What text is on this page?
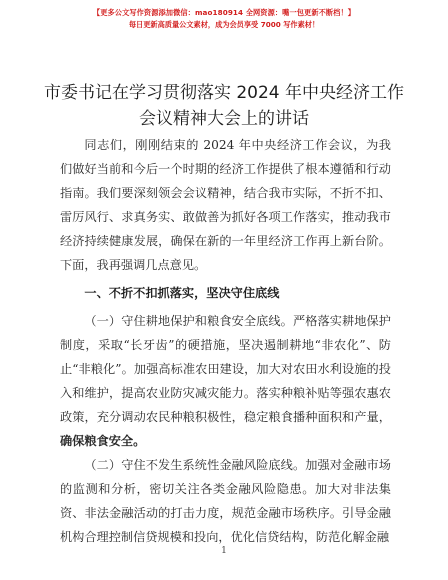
【更多公文写作资源添加微信：mao180914 全网资源：嘴一包更新不断档！】
每日更新高质量公文素材，成为会员享受 7000 写作素材！
市委书记在学习贯彻落实 2024 年中央经济工作
会议精神大会上的讲话

同志们，刚刚结束的 2024 年中央经济工作会议，为我们做好当前和今后一个时期的经济工作提供了根本遵循和行动指南。我们要深刻领会会议精神，结合我市实际，不折不扣、雷厉风行、求真务实、敢做善为抓好各项工作落实，推动我市经济持续健康发展，确保在新的一年里经济工作再上新台阶。下面，我再强调几点意见。

一、不折不扣抓落实，坚决守住底线

（一）守住耕地保护和粮食安全底线。严格落实耕地保护制度，采取“长牙齿”的硬措施，坚决遏制耕地“非农化”、防止“非粮化”。加强高标准农田建设，加大对农田水利设施的投入和维护，提高农业防灾减灾能力。落实种粮补贴等强农惠农政策，充分调动农民种粮积极性，稳定粮食播种面积和产量，确保粮食安全。

（二）守住不发生系统性金融风险底线。加强对金融市场的监测和分析，密切关注各类金融风险隐患。加大对非法集资、非法金融活动的打击力度，规范金融市场秩序。引导金融机构合理控制信贷规模和投向，优化信贷结构，防范化解金融

1
